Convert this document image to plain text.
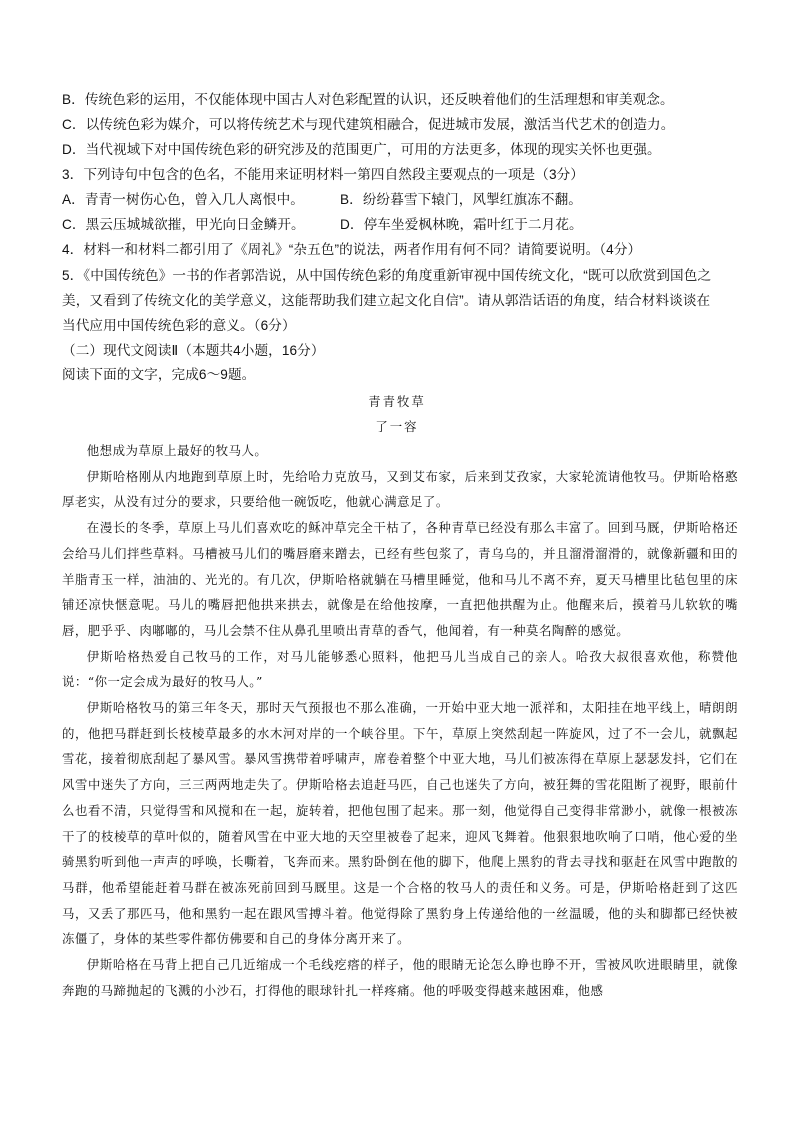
B．传统色彩的运用，不仅能体现中国古人对色彩配置的认识，还反映着他们的生活理想和审美观念。
C．以传统色彩为媒介，可以将传统艺术与现代建筑相融合，促进城市发展，激活当代艺术的创造力。
D．当代视域下对中国传统色彩的研究涉及的范围更广，可用的方法更多，体现的现实关怀也更强。
3．下列诗句中包含的色名，不能用来证明材料一第四自然段主要观点的一项是（3分）
A．青青一树伤心色，曾入几人离恨中。	B．纷纷暮雪下辕门，风掣红旗冻不翻。
C．黑云压城城欲摧，甲光向日金鳞开。	D．停车坐爱枫林晚，霜叶红于二月花。
4．材料一和材料二都引用了《周礼》“杂五色”的说法，两者作用有何不同？请简要说明。（4分）
5．《中国传统色》一书的作者郭浩说，从中国传统色彩的角度重新审视中国传统文化，“既可以欣赏到国色之
美，又看到了传统文化的美学意义，这能帮助我们建立起文化自信”。请从郭浩话语的角度，结合材料谈谈在
当代应用中国传统色彩的意义。（6分）
（二）现代文阅读Ⅱ（本题共4小题，16分）
阅读下面的文字，完成6～9题。
青青牧草
了一容

他想成为草原上最好的牧马人。

伊斯哈格刚从内地跑到草原上时，先给哈力克放马，又到艾布家，后来到艾孜家，大家轮流请他牧马。伊斯哈格憨厚老实，从没有过分的要求，只要给他一碗饭吃，他就心满意足了。

在漫长的冬季，草原上马儿们喜欢吃的稣冲草完全干枯了，各种青草已经没有那么丰富了。回到马厩，伊斯哈格还会给马儿们拌些草料。马槽被马儿们的嘴唇磨来蹭去，已经有些包浆了，青乌乌的，并且溜滑溜滑的，就像新疆和田的羊脂青玉一样，油油的、光光的。有几次，伊斯哈格就躺在马槽里睡觉，他和马儿不离不弃，夏天马槽里比毡包里的床铺还凉快惬意呢。马儿的嘴唇把他拱来拱去，就像是在给他按摩，一直把他拱醒为止。他醒来后，摸着马儿软软的嘴唇，肥乎乎、肉嘟嘟的，马儿会禁不住从鼻孔里喷出青草的香气，他闻着，有一种莫名陶醉的感觉。

伊斯哈格热爱自己牧马的工作，对马儿能够悉心照料，他把马儿当成自己的亲人。哈孜大叔很喜欢他，称赞他说：“你一定会成为最好的牧马人。”

伊斯哈格牧马的第三年冬天，那时天气预报也不那么准确，一开始中亚大地一派祥和，太阳挂在地平线上，晴朗朗的，他把马群赶到长枝棱草最多的水木河对岸的一个峡谷里。下午，草原上突然刮起一阵旋风，过了不一会儿，就飘起雪花，接着彻底刮起了暴风雪。暴风雪携带着呼啸声，席卷着整个中亚大地，马儿们被冻得在草原上瑟瑟发抖，它们在风雪中迷失了方向，三三两两地走失了。伊斯哈格去追赶马匹，自己也迷失了方向，被狂舞的雪花阻断了视野，眼前什么也看不清，只觉得雪和风搅和在一起，旋转着，把他包围了起来。那一刻，他觉得自己变得非常渺小，就像一根被冻干了的枝棱草的草叶似的，随着风雪在中亚大地的天空里被卷了起来，迎风飞舞着。他狠狠地吹响了口哨，他心爱的坐骑黑豹听到他一声声的呼唤，长嘶着，飞奔而来。黑豹卧倒在他的脚下，他爬上黑豹的背去寻找和驱赶在风雪中跑散的马群，他希望能赶着马群在被冻死前回到马厩里。这是一个合格的牧马人的责任和义务。可是，伊斯哈格赶到了这匹马，又丢了那匹马，他和黑豹一起在跟风雪搏斗着。他觉得除了黑豹身上传递给他的一丝温暖，他的头和脚都已经快被冻僵了，身体的某些零件都仿佛要和自己的身体分离开来了。

伊斯哈格在马背上把自己几近缩成一个毛线疙瘩的样子，他的眼睛无论怎么睁也睁不开，雪被风吹进眼睛里，就像奔跑的马蹄抛起的飞溅的小沙石，打得他的眼球针扎一样疼痛。他的呼吸变得越来越困难，他感
